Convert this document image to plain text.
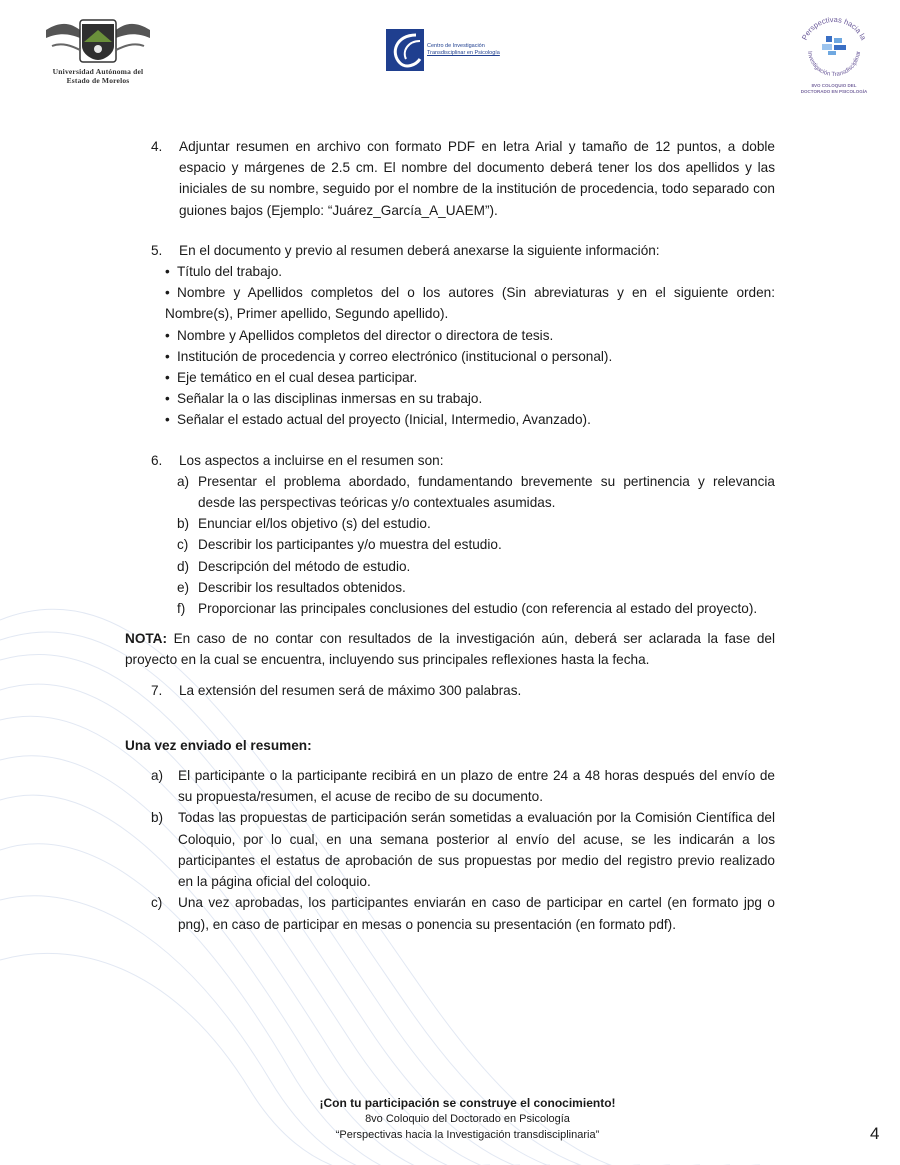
Universidad Autónoma del
Estado de Morelos
Centro de Investigación
Transdisciplinar en Psicología
Perspectivas hacia la
Investigación Transdisciplinar
8VO COLOQUIO DEL
DOCTORADO EN PSICOLOGÍA
4.	Adjuntar resumen en archivo con formato PDF en letra Arial y tamaño de 12 puntos, a doble espacio y márgenes de 2.5 cm. El nombre del documento deberá tener los dos apellidos y las iniciales de su nombre, seguido por el nombre de la institución de procedencia, todo separado con guiones bajos (Ejemplo: “Juárez_García_A_UAEM”).
5.	En el documento y previo al resumen deberá anexarse la siguiente información:
• Título del trabajo.
• Nombre y Apellidos completos del o los autores (Sin abreviaturas y en el siguiente orden: Nombre(s), Primer apellido, Segundo apellido).
• Nombre y Apellidos completos del director o directora de tesis.
• Institución de procedencia y correo electrónico (institucional o personal).
• Eje temático en el cual desea participar.
• Señalar la o las disciplinas inmersas en su trabajo.
• Señalar el estado actual del proyecto (Inicial, Intermedio, Avanzado).
6.	Los aspectos a incluirse en el resumen son:
a) Presentar el problema abordado, fundamentando brevemente su pertinencia y relevancia desde las perspectivas teóricas y/o contextuales asumidas.
b) Enunciar el/los objetivo (s) del estudio.
c) Describir los participantes y/o muestra del estudio.
d) Descripción del método de estudio.
e) Describir los resultados obtenidos.
f) Proporcionar las principales conclusiones del estudio (con referencia al estado del proyecto).

NOTA: En caso de no contar con resultados de la investigación aún, deberá ser aclarada la fase del proyecto en la cual se encuentra, incluyendo sus principales reflexiones hasta la fecha.

7.	La extensión del resumen será de máximo 300 palabras.

Una vez enviado el resumen:

a)	El participante o la participante recibirá en un plazo de entre 24 a 48 horas después del envío de su propuesta/resumen, el acuse de recibo de su documento.
b)	Todas las propuestas de participación serán sometidas a evaluación por la Comisión Científica del Coloquio, por lo cual, en una semana posterior al envío del acuse, se les indicarán a los participantes el estatus de aprobación de sus propuestas por medio del registro previo realizado en la página oficial del coloquio.
c)	Una vez aprobadas, los participantes enviarán en caso de participar en cartel (en formato jpg o png), en caso de participar en mesas o ponencia su presentación (en formato pdf).
¡Con tu participación se construye el conocimiento!
8vo Coloquio del Doctorado en Psicología
“Perspectivas hacia la Investigación transdisciplinaria”	4
